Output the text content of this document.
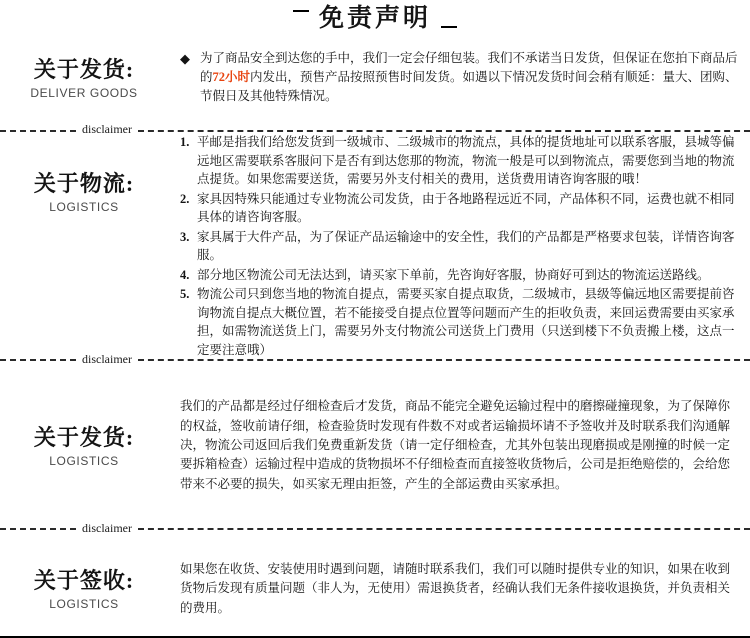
免责声明
关于发货:
DELIVER GOODS
◆ 为了商品安全到达您的手中，我们一定会仔细包装。我们不承诺当日发货，但保证在您拍下商品后的72小时内发出，预售产品按照预售时间发货。如遇以下情况发货时间会稍有顺延：量大、团购、节假日及其他特殊情况。
disclaimer
关于物流:
LOGISTICS
1. 平邮是指我们给您发货到一级城市、二级城市的物流点，具体的提货地址可以联系客服，县城等偏远地区需要联系客服问下是否有到达您那的物流，物流一般是可以到物流点，需要您到当地的物流点提货。如果您需要送货，需要另外支付相关的费用，送货费用请咨询客服的哦！
2. 家具因特殊只能通过专业物流公司发货，由于各地路程远近不同，产品体积不同，运费也就不相同具体的请咨询客服。
3. 家具属于大件产品，为了保证产品运输途中的安全性，我们的产品都是严格要求包装，详情咨询客服。
4. 部分地区物流公司无法达到，请买家下单前，先咨询好客服，协商好可到达的物流运送路线。
5. 物流公司只到您当地的物流自提点，需要买家自提点取货，二级城市，县级等偏远地区需要提前咨询物流自提点大概位置，若不能接受自提点位置等问题而产生的拒收负责，来回运费需要由买家承担，如需物流送货上门，需要另外支付物流公司送货上门费用（只送到楼下不负责搬上楼，这点一定要注意哦）
disclaimer
关于发货:
LOGISTICS
我们的产品都是经过仔细检查后才发货，商品不能完全避免运输过程中的磨擦碰撞现象，为了保障你的权益，签收前请仔细，检查验货时发现有件数不对或者运输损坏请不予签收并及时联系我们沟通解决，物流公司返回后我们免费重新发货（请一定仔细检查，尤其外包装出现磨损或是刚撞的时候一定要拆箱检查）运输过程中造成的货物损坏不仔细检查而直接签收货物后，公司是拒绝赔偿的，会给您带来不必要的损失，如买家无理由拒签，产生的全部运费由买家承担。
disclaimer
关于签收:
LOGISTICS
如果您在收货、安装使用时遇到问题，请随时联系我们，我们可以随时提供专业的知识，如果在收到货物后发现有质量问题（非人为，无使用）需退换货者，经确认我们无条件接收退换货，并负责相关的费用。
